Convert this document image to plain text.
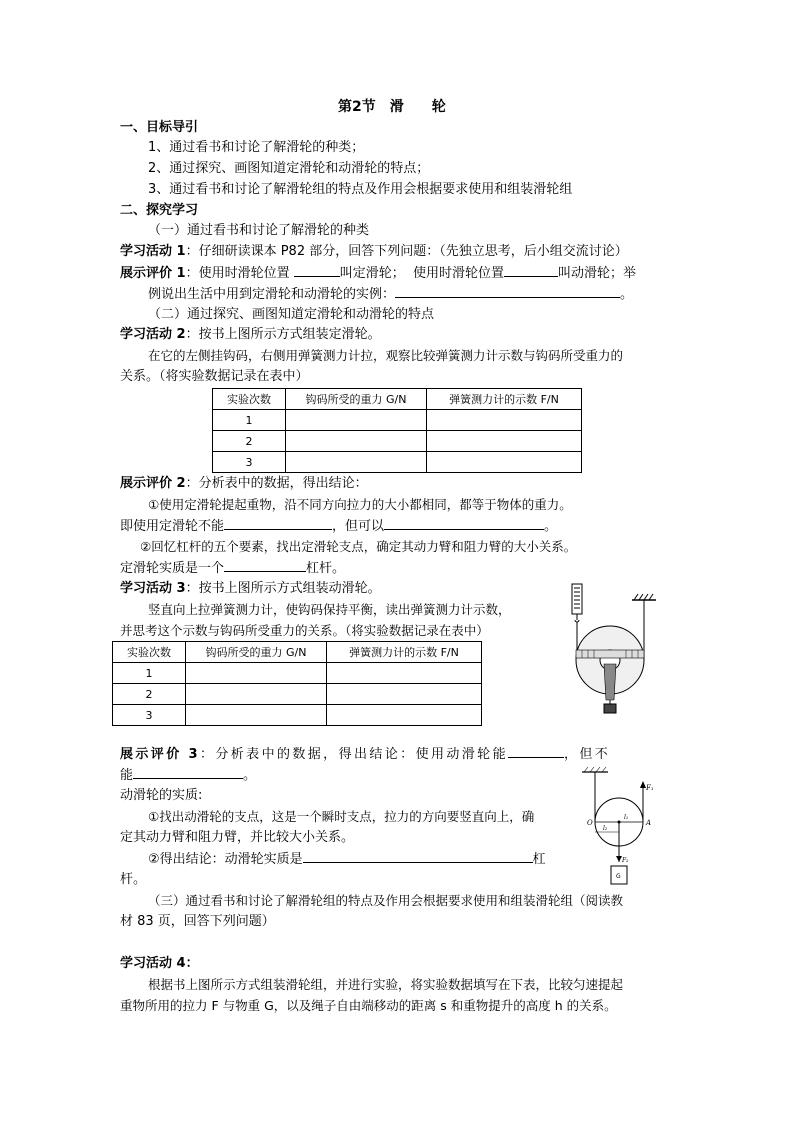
第2节　滑　　轮
一、目标导引
1、通过看书和讨论了解滑轮的种类；
2、通过探究、画图知道定滑轮和动滑轮的特点；
3、通过看书和讨论了解滑轮组的特点及作用会根据要求使用和组装滑轮组
二、探究学习
（一）通过看书和讨论了解滑轮的种类
学习活动 1：仔细研读课本 P82 部分，回答下列问题：（先独立思考，后小组交流讨论）
展示评价 1：使用时滑轮位置	叫定滑轮； 使用时滑轮位置	叫动滑轮；举
例说出生活中用到定滑轮和动滑轮的实例：	。
（二）通过探究、画图知道定滑轮和动滑轮的特点
学习活动 2：按书上图所示方式组装定滑轮。
在它的左侧挂钩码，右侧用弹簧测力计拉，观察比较弹簧测力计示数与钩码所受重力的
关系。（将实验数据记录在表中）
实验次数	钩码所受的重力 G/N	弹簧测力计的示数 F/N
1		
2		
3		
展示评价 2：分析表中的数据，得出结论：
①使用定滑轮提起重物，沿不同方向拉力的大小都相同，都等于物体的重力。
即使用定滑轮不能	，但可以	。
②回忆杠杆的五个要素，找出定滑轮支点，确定其动力臂和阻力臂的大小关系。
定滑轮实质是一个	杠杆。
学习活动 3：按书上图所示方式组装动滑轮。
竖直向上拉弹簧测力计，使钩码保持平衡，读出弹簧测力计示数，
并思考这个示数与钩码所受重力的关系。（将实验数据记录在表中）
实验次数	钩码所受的重力 G/N	弹簧测力计的示数 F/N
1		
2		
3		
展示评价 3：分析表中的数据，得出结论：使用动滑轮能	，但不
能	。
动滑轮的实质:
①找出动滑轮的支点，这是一个瞬时支点，拉力的方向要竖直向上，确
定其动力臂和阻力臂，并比较大小关系。
②得出结论：动滑轮实质是	杠
杆。
F₁
O
l₁
l₂
A
F₂
G
（三）通过看书和讨论了解滑轮组的特点及作用会根据要求使用和组装滑轮组（阅读教
材 83 页，回答下列问题）
学习活动 4：
根据书上图所示方式组装滑轮组，并进行实验，将实验数据填写在下表，比较匀速提起
重物所用的拉力 F 与物重 G，以及绳子自由端移动的距离 s 和重物提升的高度 h 的关系。
